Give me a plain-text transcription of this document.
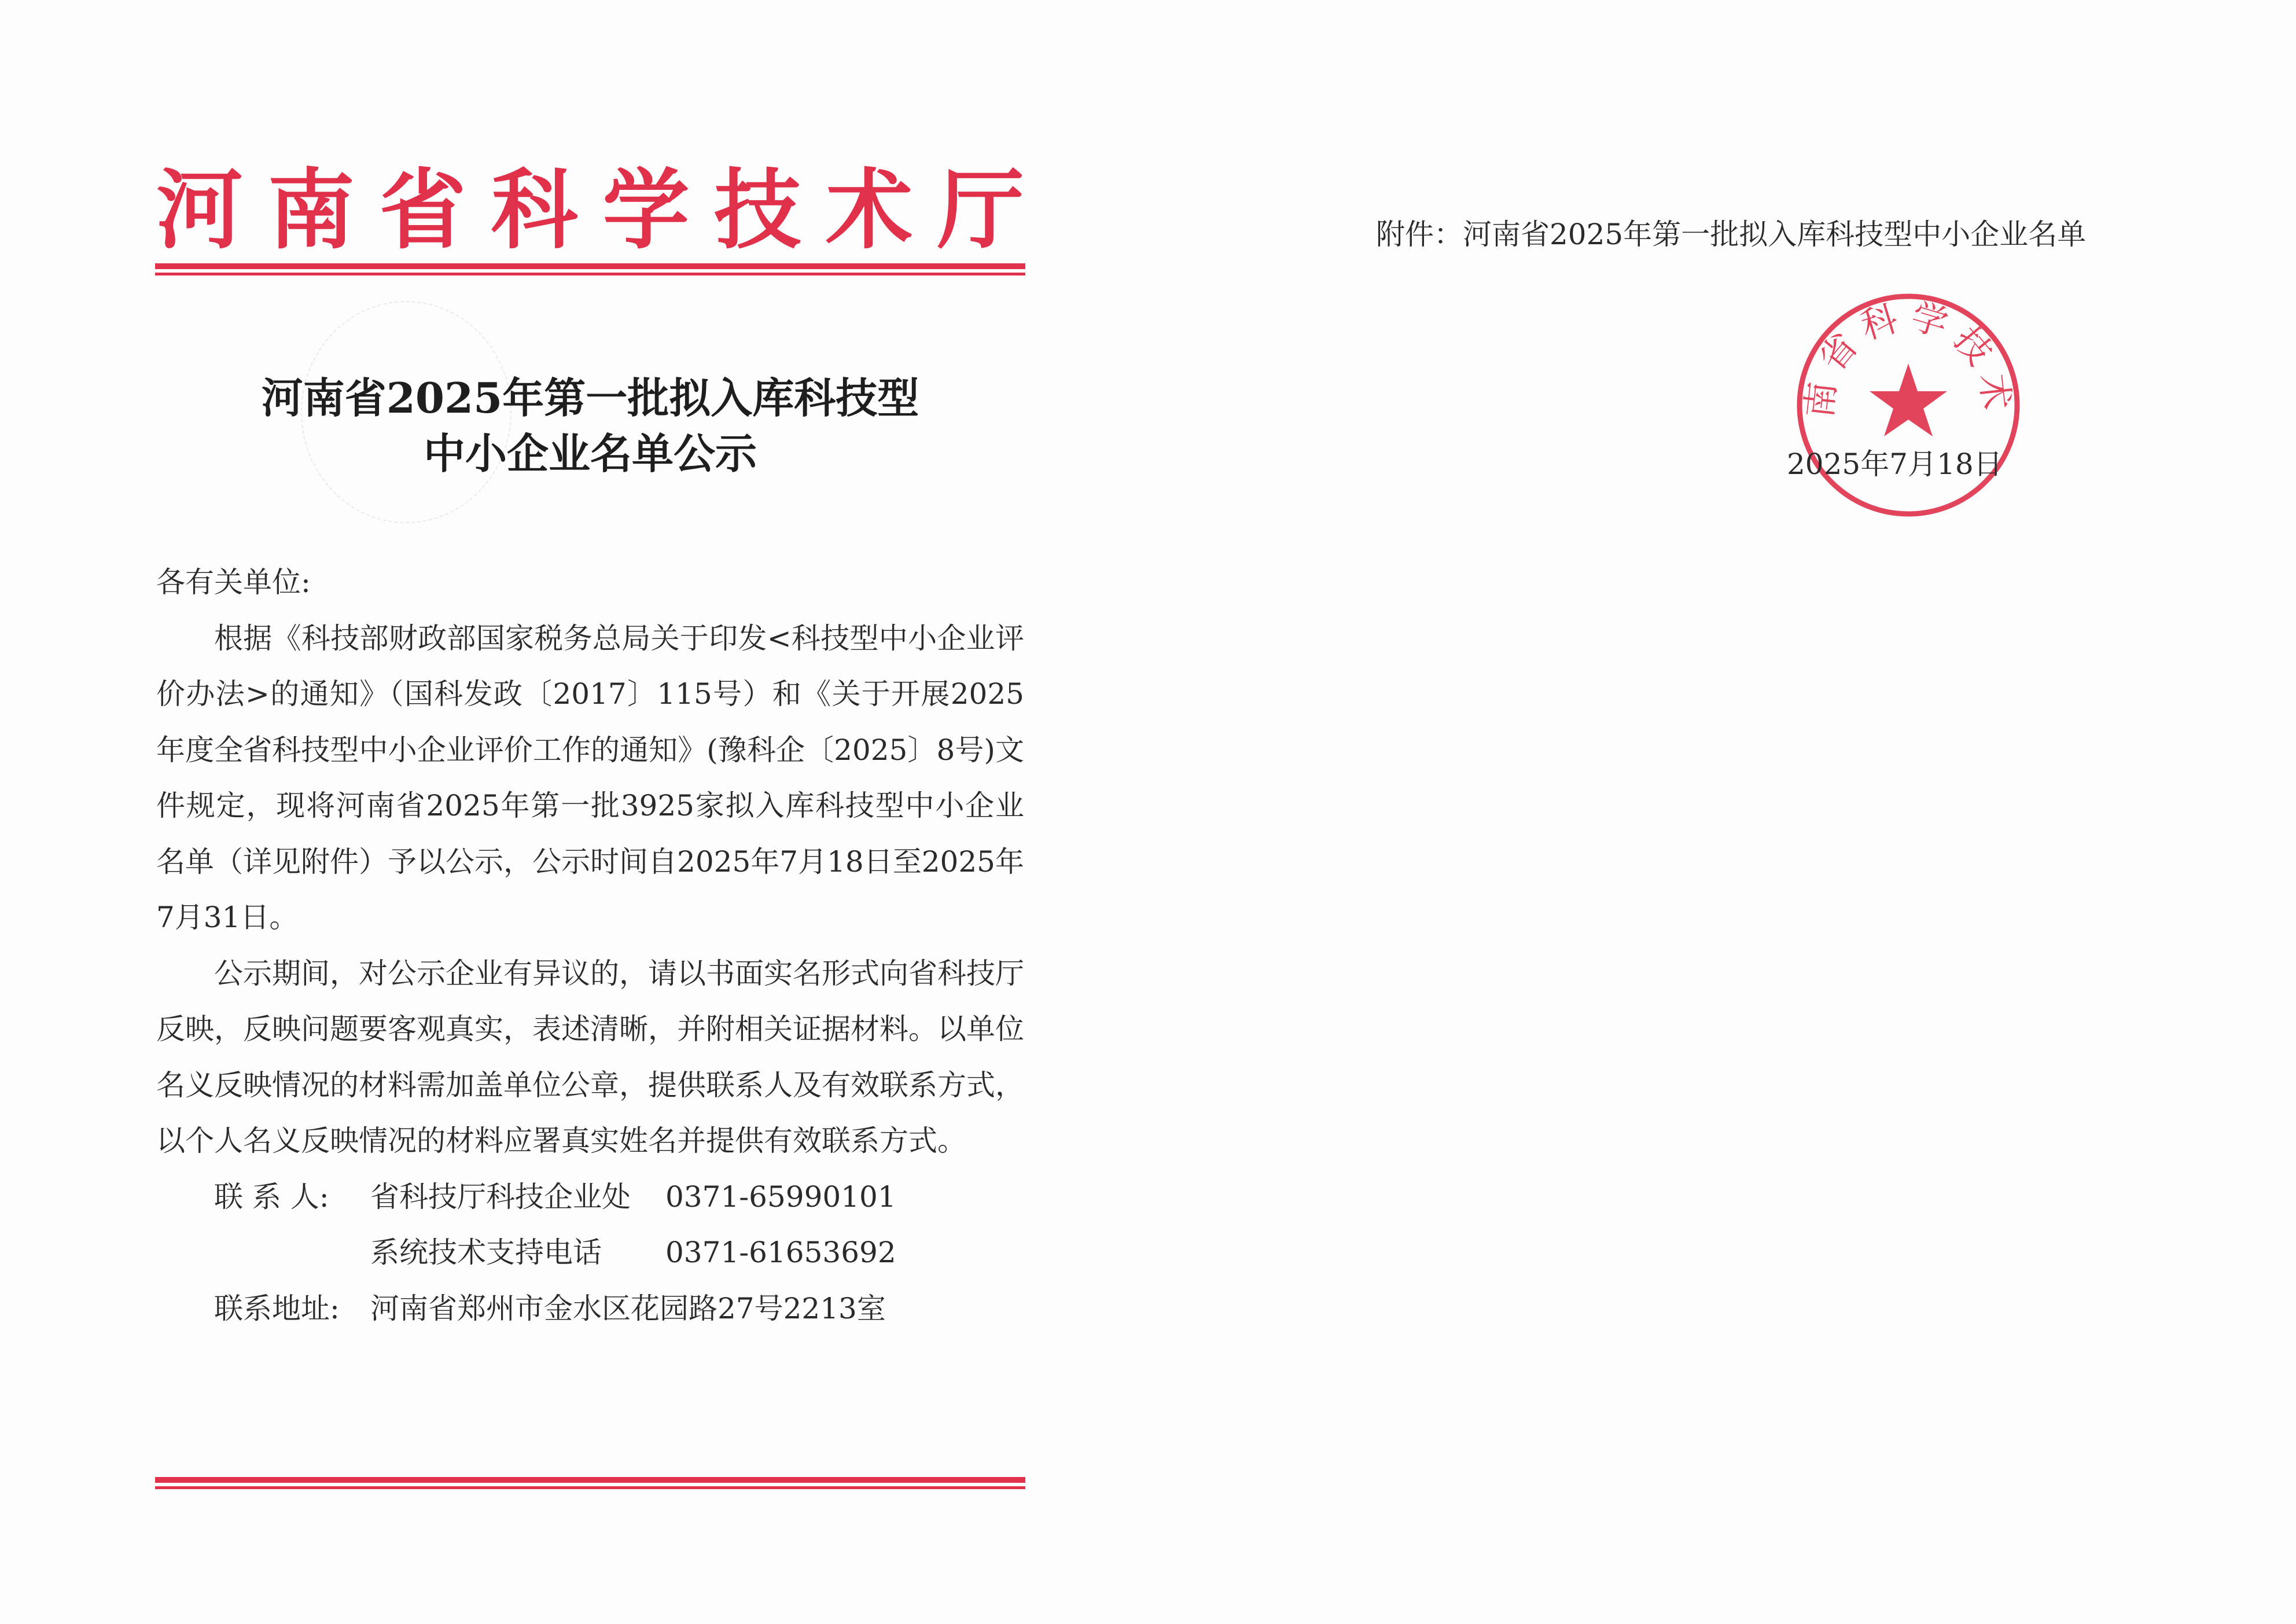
河 南 省 科 学 技 术 厅
河南省2025年第一批拟入库科技型
中小企业名单公示
各有关单位:
根据《科技部财政部国家税务总局关于印发<科技型中小企业评价办法>的通知》（国科发政〔2017〕115号）和《关于开展2025年度全省科技型中小企业评价工作的通知》(豫科企〔2025〕8号)文件规定，现将河南省2025年第一批3925家拟入库科技型中小企业名单（详见附件）予以公示，公示时间自2025年7月18日至2025年7月31日。
公示期间，对公示企业有异议的，请以书面实名形式向省科技厅反映，反映问题要客观真实，表述清晰，并附相关证据材料。以单位名义反映情况的材料需加盖单位公章，提供联系人及有效联系方式，以个人名义反映情况的材料应署真实姓名并提供有效联系方式。
联 系 人: 省科技厅科技企业处 0371-65990101
系统技术支持电话 0371-61653692
联系地址: 河南省郑州市金水区花园路27号2213室
附件：河南省2025年第一批拟入库科技型中小企业名单
南省科学技术
2025年7月18日
